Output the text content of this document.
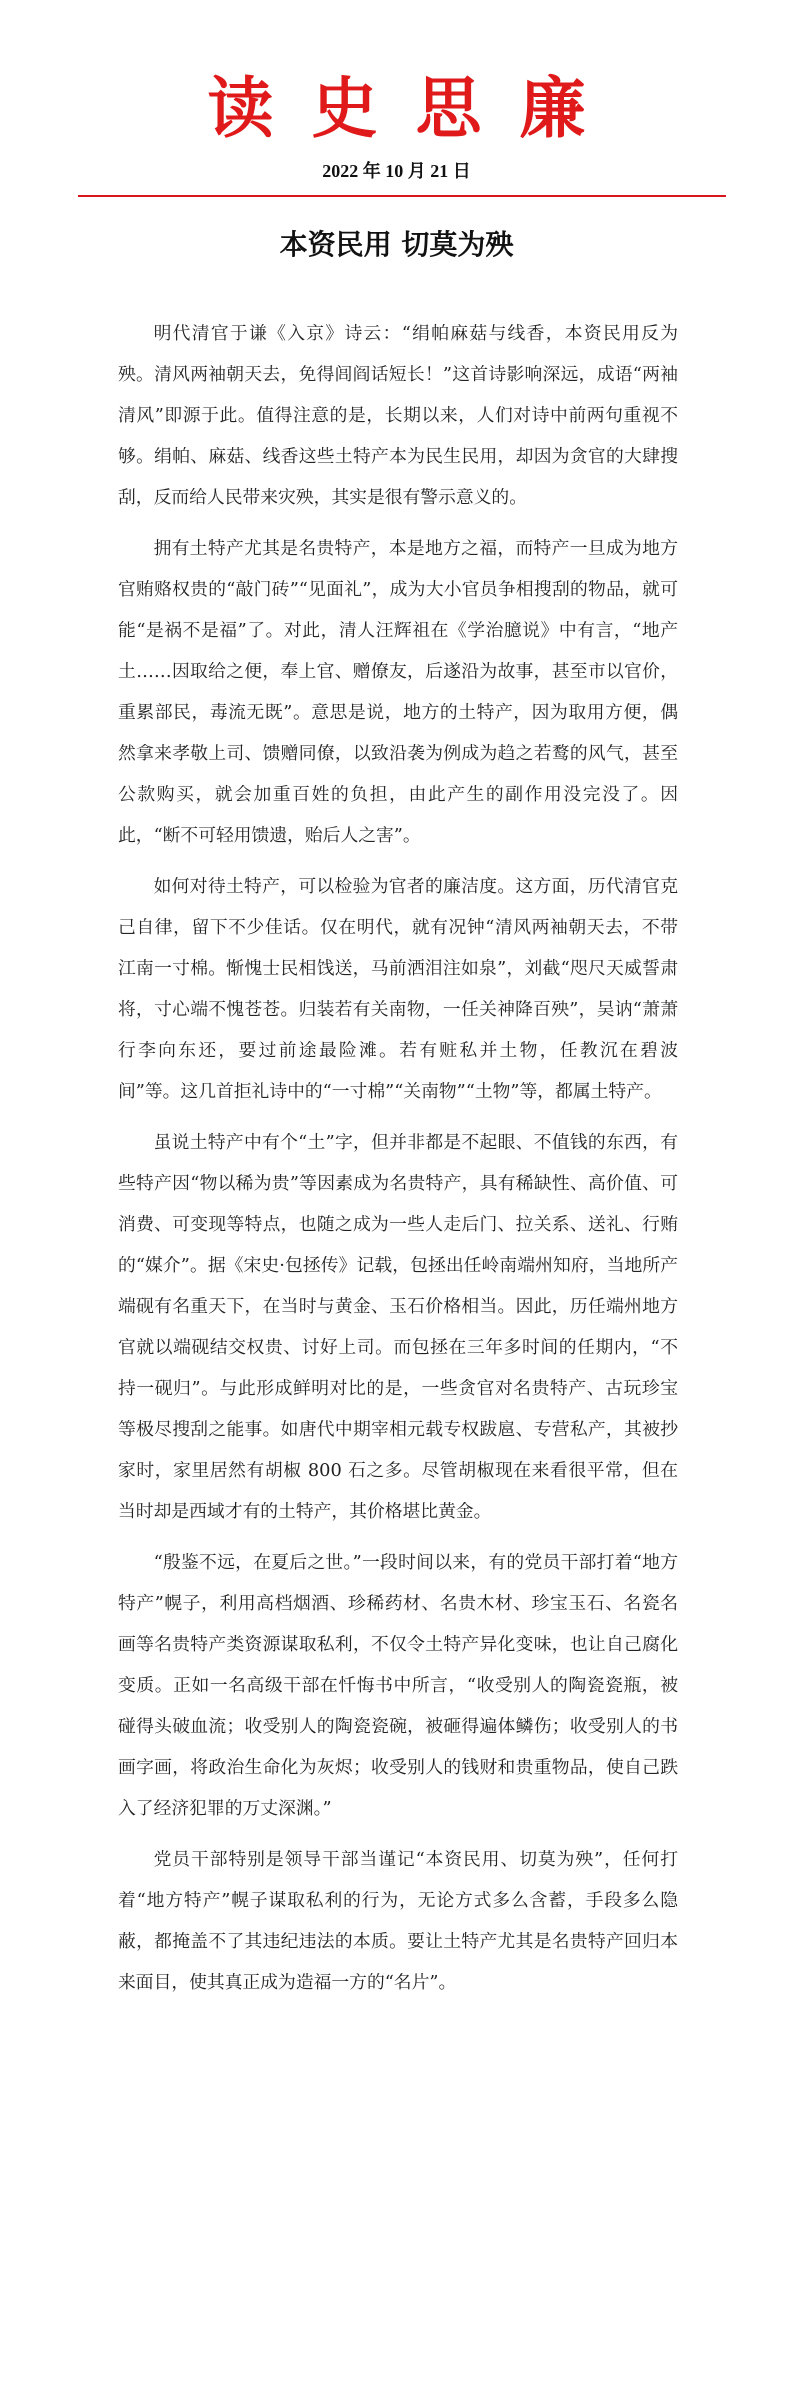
读史思廉
2022 年 10 月 21 日
本资民用 切莫为殃

明代清官于谦《入京》诗云：“绢帕麻菇与线香，本资民用反为殃。清风两袖朝天去，免得闾阎话短长！”这首诗影响深远，成语“两袖清风”即源于此。值得注意的是，长期以来，人们对诗中前两句重视不够。绢帕、麻菇、线香这些土特产本为民生民用，却因为贪官的大肆搜刮，反而给人民带来灾殃，其实是很有警示意义的。

拥有土特产尤其是名贵特产，本是地方之福，而特产一旦成为地方官贿赂权贵的“敲门砖”“见面礼”，成为大小官员争相搜刮的物品，就可能“是祸不是福”了。对此，清人汪辉祖在《学治臆说》中有言，“地产土……因取给之便，奉上官、赠僚友，后遂沿为故事，甚至市以官价，重累部民，毒流无既”。意思是说，地方的土特产，因为取用方便，偶然拿来孝敬上司、馈赠同僚，以致沿袭为例成为趋之若鹜的风气，甚至公款购买，就会加重百姓的负担，由此产生的副作用没完没了。因此，“断不可轻用馈遗，贻后人之害”。

如何对待土特产，可以检验为官者的廉洁度。这方面，历代清官克己自律，留下不少佳话。仅在明代，就有况钟“清风两袖朝天去，不带江南一寸棉。惭愧士民相饯送，马前洒泪注如泉”，刘截“咫尺天威誓肃将，寸心端不愧苍苍。归装若有关南物，一任关神降百殃”，吴讷“萧萧行李向东还，要过前途最险滩。若有赃私并土物，任教沉在碧波间”等。这几首拒礼诗中的“一寸棉”“关南物”“土物”等，都属土特产。

虽说土特产中有个“土”字，但并非都是不起眼、不值钱的东西，有些特产因“物以稀为贵”等因素成为名贵特产，具有稀缺性、高价值、可消费、可变现等特点，也随之成为一些人走后门、拉关系、送礼、行贿的“媒介”。据《宋史·包拯传》记载，包拯出任岭南端州知府，当地所产端砚有名重天下，在当时与黄金、玉石价格相当。因此，历任端州地方官就以端砚结交权贵、讨好上司。而包拯在三年多时间的任期内，“不持一砚归”。与此形成鲜明对比的是，一些贪官对名贵特产、古玩珍宝等极尽搜刮之能事。如唐代中期宰相元载专权跋扈、专营私产，其被抄家时，家里居然有胡椒 800 石之多。尽管胡椒现在来看很平常，但在当时却是西域才有的土特产，其价格堪比黄金。

“殷鉴不远，在夏后之世。”一段时间以来，有的党员干部打着“地方特产”幌子，利用高档烟酒、珍稀药材、名贵木材、珍宝玉石、名瓷名画等名贵特产类资源谋取私利，不仅令土特产异化变味，也让自己腐化变质。正如一名高级干部在忏悔书中所言，“收受别人的陶瓷瓷瓶，被碰得头破血流；收受别人的陶瓷瓷碗，被砸得遍体鳞伤；收受别人的书画字画，将政治生命化为灰烬；收受别人的钱财和贵重物品，使自己跌入了经济犯罪的万丈深渊。”

党员干部特别是领导干部当谨记“本资民用、切莫为殃”，任何打着“地方特产”幌子谋取私利的行为，无论方式多么含蓄，手段多么隐蔽，都掩盖不了其违纪违法的本质。要让土特产尤其是名贵特产回归本来面目，使其真正成为造福一方的“名片”。
